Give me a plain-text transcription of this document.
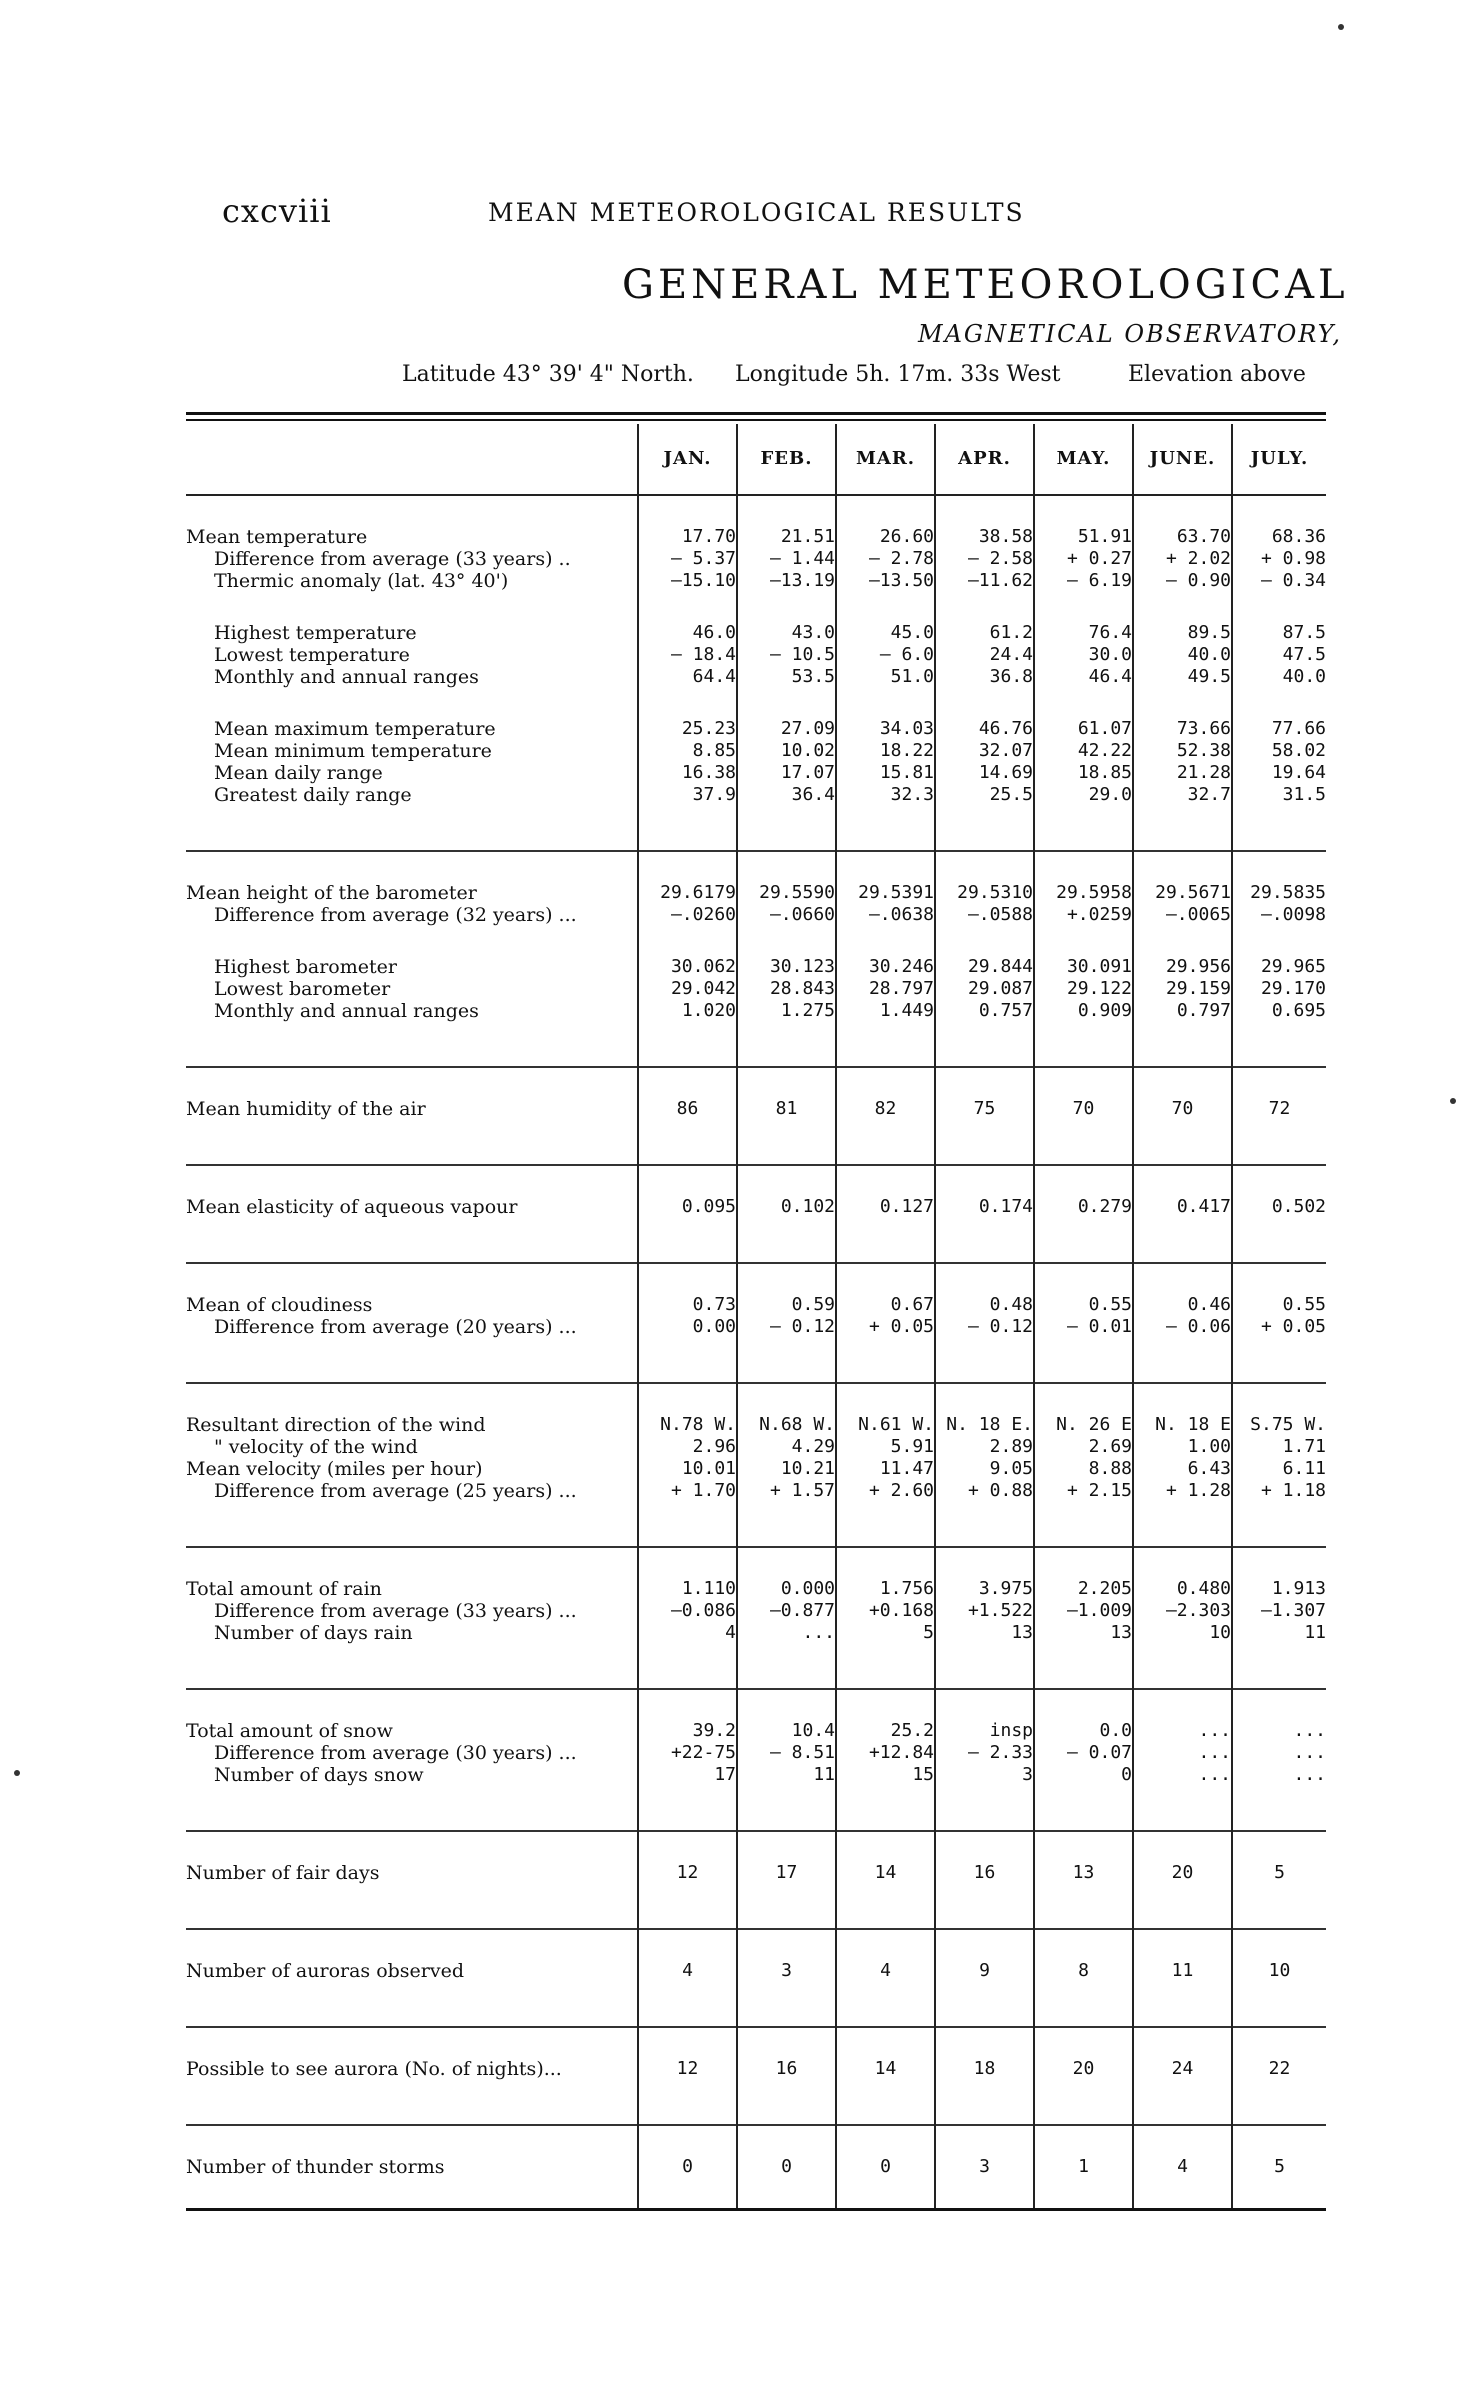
cxcviii	MEAN METEOROLOGICAL RESULTS
GENERAL METEOROLOGICAL
MAGNETICAL OBSERVATORY,
Latitude 43° 39' 4" North. Longitude 5h. 17m. 33s West	Elevation above
	JAN.	FEB.	MAR.	APR.	MAY.	JUNE.	JULY.

Mean temperature	17.70	21.51	26.60	38.58	51.91	63.70	68.36
Difference from average (33 years) ..	— 5.37	— 1.44	— 2.78	— 2.58	+ 0.27	+ 2.02	+ 0.98
Thermic anomaly (lat. 43° 40')	—15.10	—13.19	—13.50	—11.62	— 6.19	— 0.90	— 0.34

Highest temperature	46.0	43.0	45.0	61.2	76.4	89.5	87.5
Lowest temperature	— 18.4	— 10.5	— 6.0	24.4	30.0	40.0	47.5
Monthly and annual ranges	64.4	53.5	51.0	36.8	46.4	49.5	40.0

Mean maximum temperature	25.23	27.09	34.03	46.76	61.07	73.66	77.66
Mean minimum temperature	8.85	10.02	18.22	32.07	42.22	52.38	58.02
Mean daily range	16.38	17.07	15.81	14.69	18.85	21.28	19.64
Greatest daily range	37.9	36.4	32.3	25.5	29.0	32.7	31.5

Mean height of the barometer	29.6179	29.5590	29.5391	29.5310	29.5958	29.5671	29.5835
Difference from average (32 years) ...	—.0260	—.0660	—.0638	—.0588	+.0259	—.0065	—.0098

Highest barometer	30.062	30.123	30.246	29.844	30.091	29.956	29.965
Lowest barometer	29.042	28.843	28.797	29.087	29.122	29.159	29.170
Monthly and annual ranges	1.020	1.275	1.449	0.757	0.909	0.797	0.695

Mean humidity of the air	86	81	82	75	70	70	72

Mean elasticity of aqueous vapour	0.095	0.102	0.127	0.174	0.279	0.417	0.502

Mean of cloudiness	0.73	0.59	0.67	0.48	0.55	0.46	0.55
Difference from average (20 years) ...	0.00	— 0.12	+ 0.05	— 0.12	— 0.01	— 0.06	+ 0.05

Resultant direction of the wind	N.78 W.	N.68 W.	N.61 W.	N. 18 E.	N. 26 E	N. 18 E	S.75 W.
" velocity of the wind	2.96	4.29	5.91	2.89	2.69	1.00	1.71
Mean velocity (miles per hour)	10.01	10.21	11.47	9.05	8.88	6.43	6.11
Difference from average (25 years) ...	+ 1.70	+ 1.57	+ 2.60	+ 0.88	+ 2.15	+ 1.28	+ 1.18

Total amount of rain	1.110	0.000	1.756	3.975	2.205	0.480	1.913
Difference from average (33 years) ...	—0.086	—0.877	+0.168	+1.522	—1.009	—2.303	—1.307
Number of days rain	4	...	5	13	13	10	11

Total amount of snow	39.2	10.4	25.2	insp	0.0	...	...
Difference from average (30 years) ...	+22-75	— 8.51	+12.84	— 2.33	— 0.07	...	...
Number of days snow	17	11	15	3	0	...	...

Number of fair days	12	17	14	16	13	20	5

Number of auroras observed	4	3	4	9	8	11	10

Possible to see aurora (No. of nights)...	12	16	14	18	20	24	22

Number of thunder storms	0	0	0	3	1	4	5
